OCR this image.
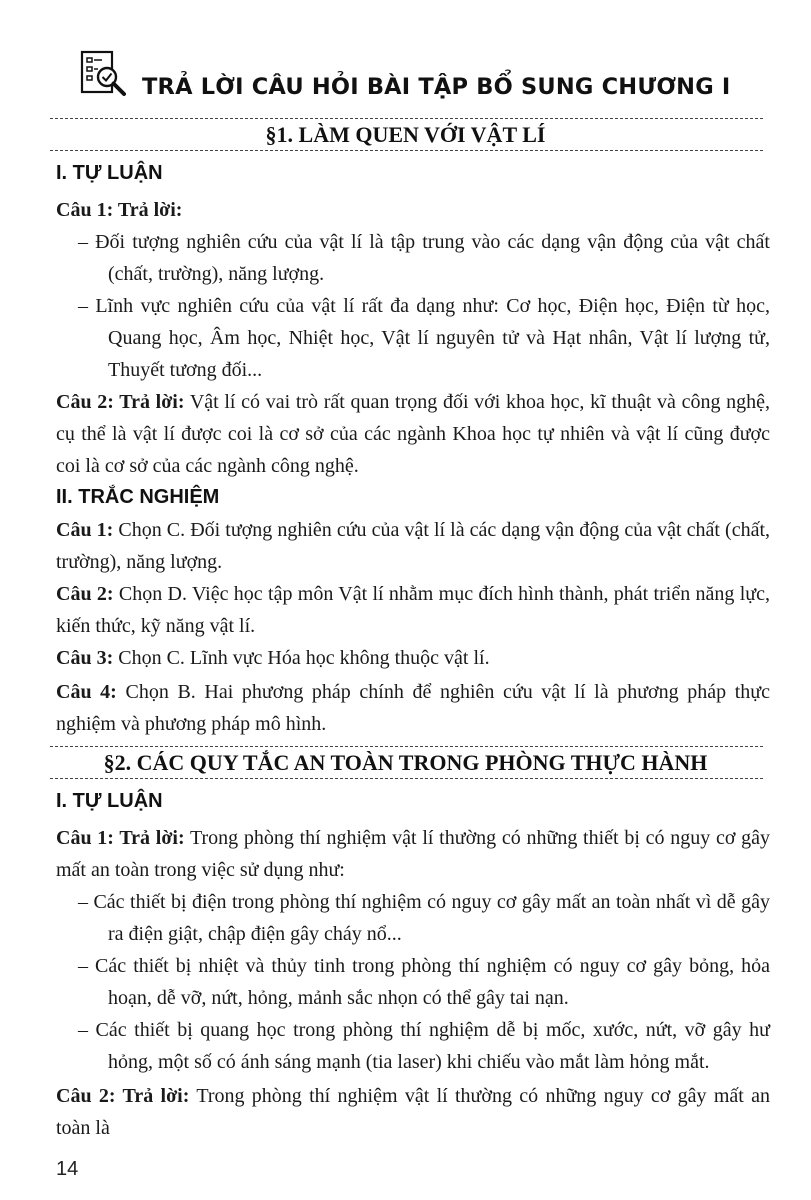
TRẢ LỜI CÂU HỎI BÀI TẬP BỔ SUNG CHƯƠNG I
§1. LÀM QUEN VỚI VẬT LÍ
I. TỰ LUẬN
Câu 1: Trả lời:
– Đối tượng nghiên cứu của vật lí là tập trung vào các dạng vận động của vật chất (chất, trường), năng lượng.
– Lĩnh vực nghiên cứu của vật lí rất đa dạng như: Cơ học, Điện học, Điện từ học, Quang học, Âm học, Nhiệt học, Vật lí nguyên tử và Hạt nhân, Vật lí lượng tử, Thuyết tương đối...
Câu 2: Trả lời: Vật lí có vai trò rất quan trọng đối với khoa học, kĩ thuật và công nghệ, cụ thể là vật lí được coi là cơ sở của các ngành Khoa học tự nhiên và vật lí cũng được coi là cơ sở của các ngành công nghệ.
II. TRẮC NGHIỆM
Câu 1: Chọn C. Đối tượng nghiên cứu của vật lí là các dạng vận động của vật chất (chất, trường), năng lượng.
Câu 2: Chọn D. Việc học tập môn Vật lí nhằm mục đích hình thành, phát triển năng lực, kiến thức, kỹ năng vật lí.
Câu 3: Chọn C. Lĩnh vực Hóa học không thuộc vật lí.
Câu 4: Chọn B. Hai phương pháp chính để nghiên cứu vật lí là phương pháp thực nghiệm và phương pháp mô hình.
§2. CÁC QUY TẮC AN TOÀN TRONG PHÒNG THỰC HÀNH
I. TỰ LUẬN
Câu 1: Trả lời: Trong phòng thí nghiệm vật lí thường có những thiết bị có nguy cơ gây mất an toàn trong việc sử dụng như:
– Các thiết bị điện trong phòng thí nghiệm có nguy cơ gây mất an toàn nhất vì dễ gây ra điện giật, chập điện gây cháy nổ...
– Các thiết bị nhiệt và thủy tinh trong phòng thí nghiệm có nguy cơ gây bỏng, hỏa hoạn, dễ vỡ, nứt, hỏng, mảnh sắc nhọn có thể gây tai nạn.
– Các thiết bị quang học trong phòng thí nghiệm dễ bị mốc, xước, nứt, vỡ gây hư hỏng, một số có ánh sáng mạnh (tia laser) khi chiếu vào mắt làm hỏng mắt.
Câu 2: Trả lời: Trong phòng thí nghiệm vật lí thường có những nguy cơ gây mất an toàn là
14
